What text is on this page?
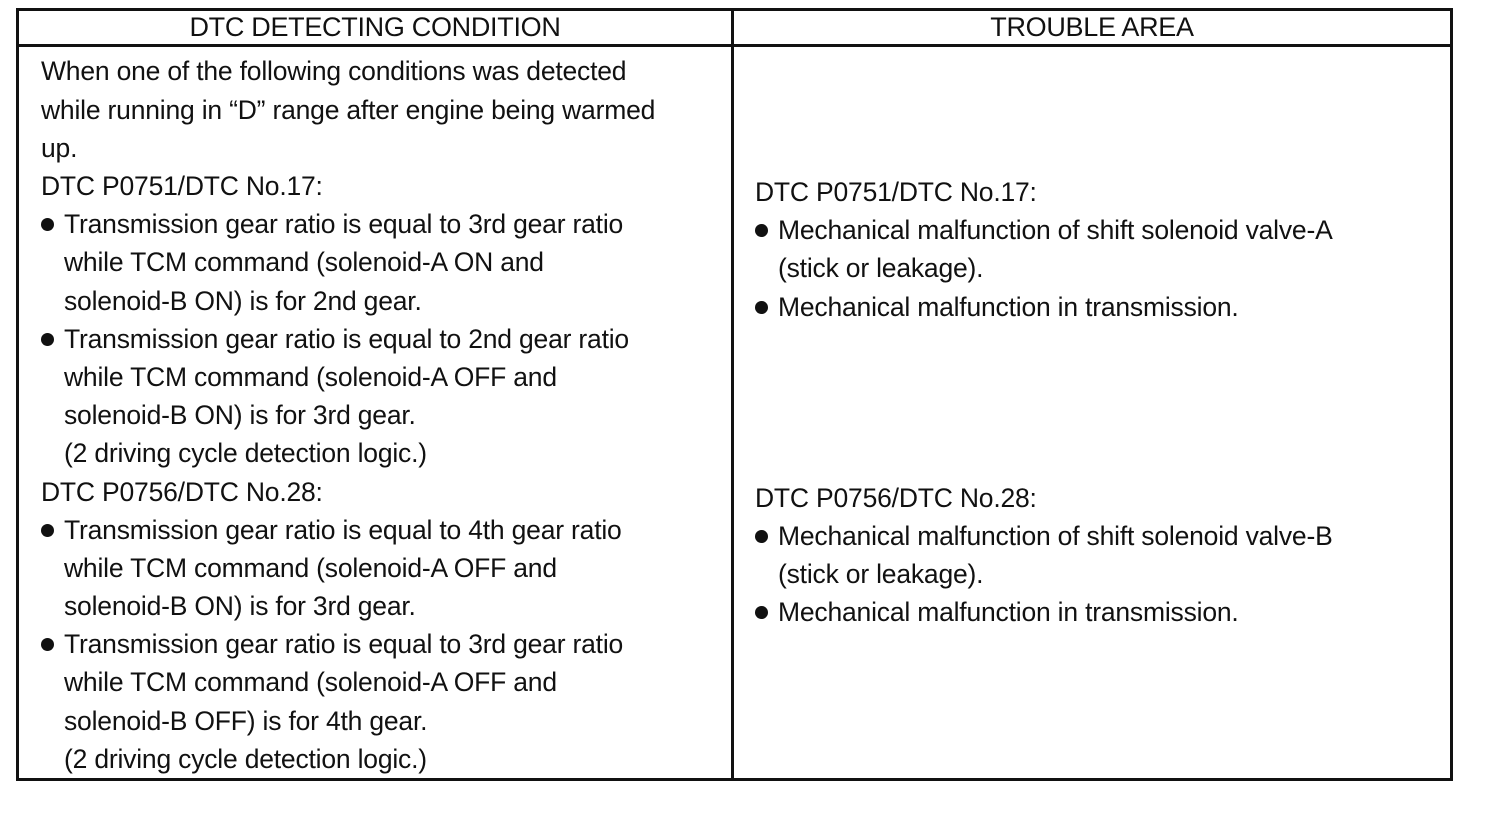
DTC DETECTING CONDITION	TROUBLE AREA
When one of the following conditions was detected
while running in “D” range after engine being warmed
up.
DTC P0751/DTC No.17:
Transmission gear ratio is equal to 3rd gear ratio
while TCM command (solenoid-A ON and
solenoid-B ON) is for 2nd gear.
Transmission gear ratio is equal to 2nd gear ratio
while TCM command (solenoid-A OFF and
solenoid-B ON) is for 3rd gear.
(2 driving cycle detection logic.)
DTC P0756/DTC No.28:
Transmission gear ratio is equal to 4th gear ratio
while TCM command (solenoid-A OFF and
solenoid-B ON) is for 3rd gear.
Transmission gear ratio is equal to 3rd gear ratio
while TCM command (solenoid-A OFF and
solenoid-B OFF) is for 4th gear.
(2 driving cycle detection logic.)
DTC P0751/DTC No.17:
Mechanical malfunction of shift solenoid valve-A
(stick or leakage).
Mechanical malfunction in transmission.
DTC P0756/DTC No.28:
Mechanical malfunction of shift solenoid valve-B
(stick or leakage).
Mechanical malfunction in transmission.
